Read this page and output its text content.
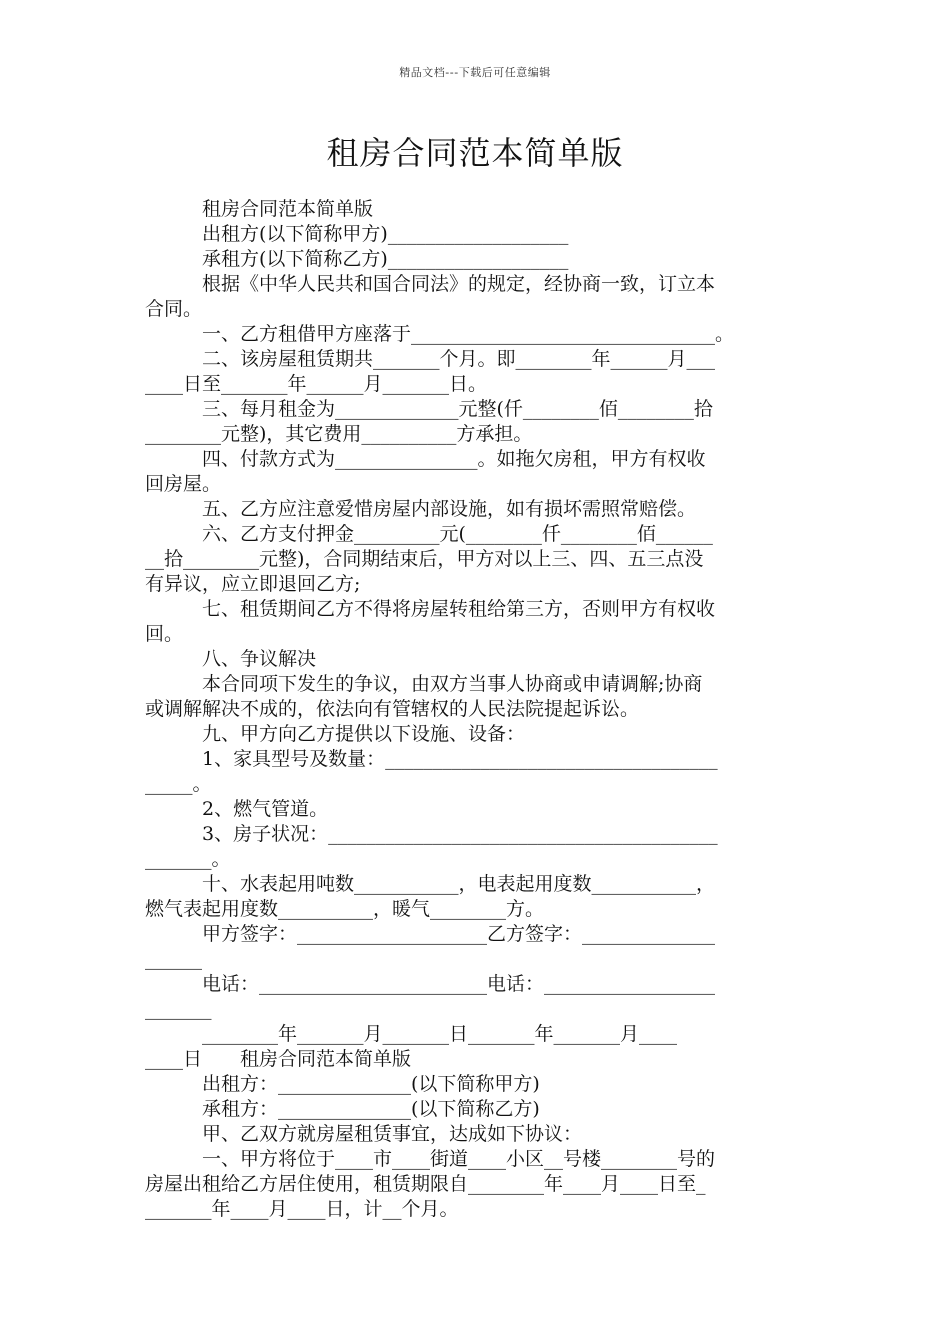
精品文档---下载后可任意编辑
租房合同范本简单版
　　　租房合同范本简单版
　　　出租方(以下简称甲方)___________________
　　　承租方(以下简称乙方)___________________
　　　根据《中华人民共和国合同法》的规定，经协商一致，订立本
合同。
　　　一、乙方租借甲方座落于________________________________。
　　　二、该房屋租赁期共_______个月。即________年______月___
____日至_______年______月_______日。
　　　三、每月租金为_____________元整(仟________佰________拾
________元整)，其它费用__________方承担。
　　　四、付款方式为_______________。如拖欠房租，甲方有权收
回房屋。
　　　五、乙方应注意爱惜房屋内部设施，如有损坏需照常赔偿。
　　　六、乙方支付押金_________元(________仟________佰______
__拾________元整)，合同期结束后，甲方对以上三、四、五三点没
有异议，应立即退回乙方;
　　　七、租赁期间乙方不得将房屋转租给第三方，否则甲方有权收
回。
　　　八、争议解决
　　　本合同项下发生的争议，由双方当事人协商或申请调解;协商
或调解解决不成的，依法向有管辖权的人民法院提起诉讼。
　　　九、甲方向乙方提供以下设施、设备：
　　　1、家具型号及数量：___________________________________
_____。
　　　2、燃气管道。
　　　3、房子状况：_________________________________________
_______。
　　　十、水表起用吨数___________，电表起用度数___________，
燃气表起用度数__________，暖气________方。
　　　甲方签字：____________________乙方签字：______________
______
　　　电话：________________________电话：__________________
_______
　　　________年_______月_______日_______年_______月____
____日　　租房合同范本简单版
　　　出租方：______________(以下简称甲方)
　　　承租方：______________(以下简称乙方)
　　　甲、乙双方就房屋租赁事宜，达成如下协议：
　　　一、甲方将位于____市____街道____小区__号楼________号的
房屋出租给乙方居住使用，租赁期限自________年____月____日至_
_______年____月____日，计__个月。
